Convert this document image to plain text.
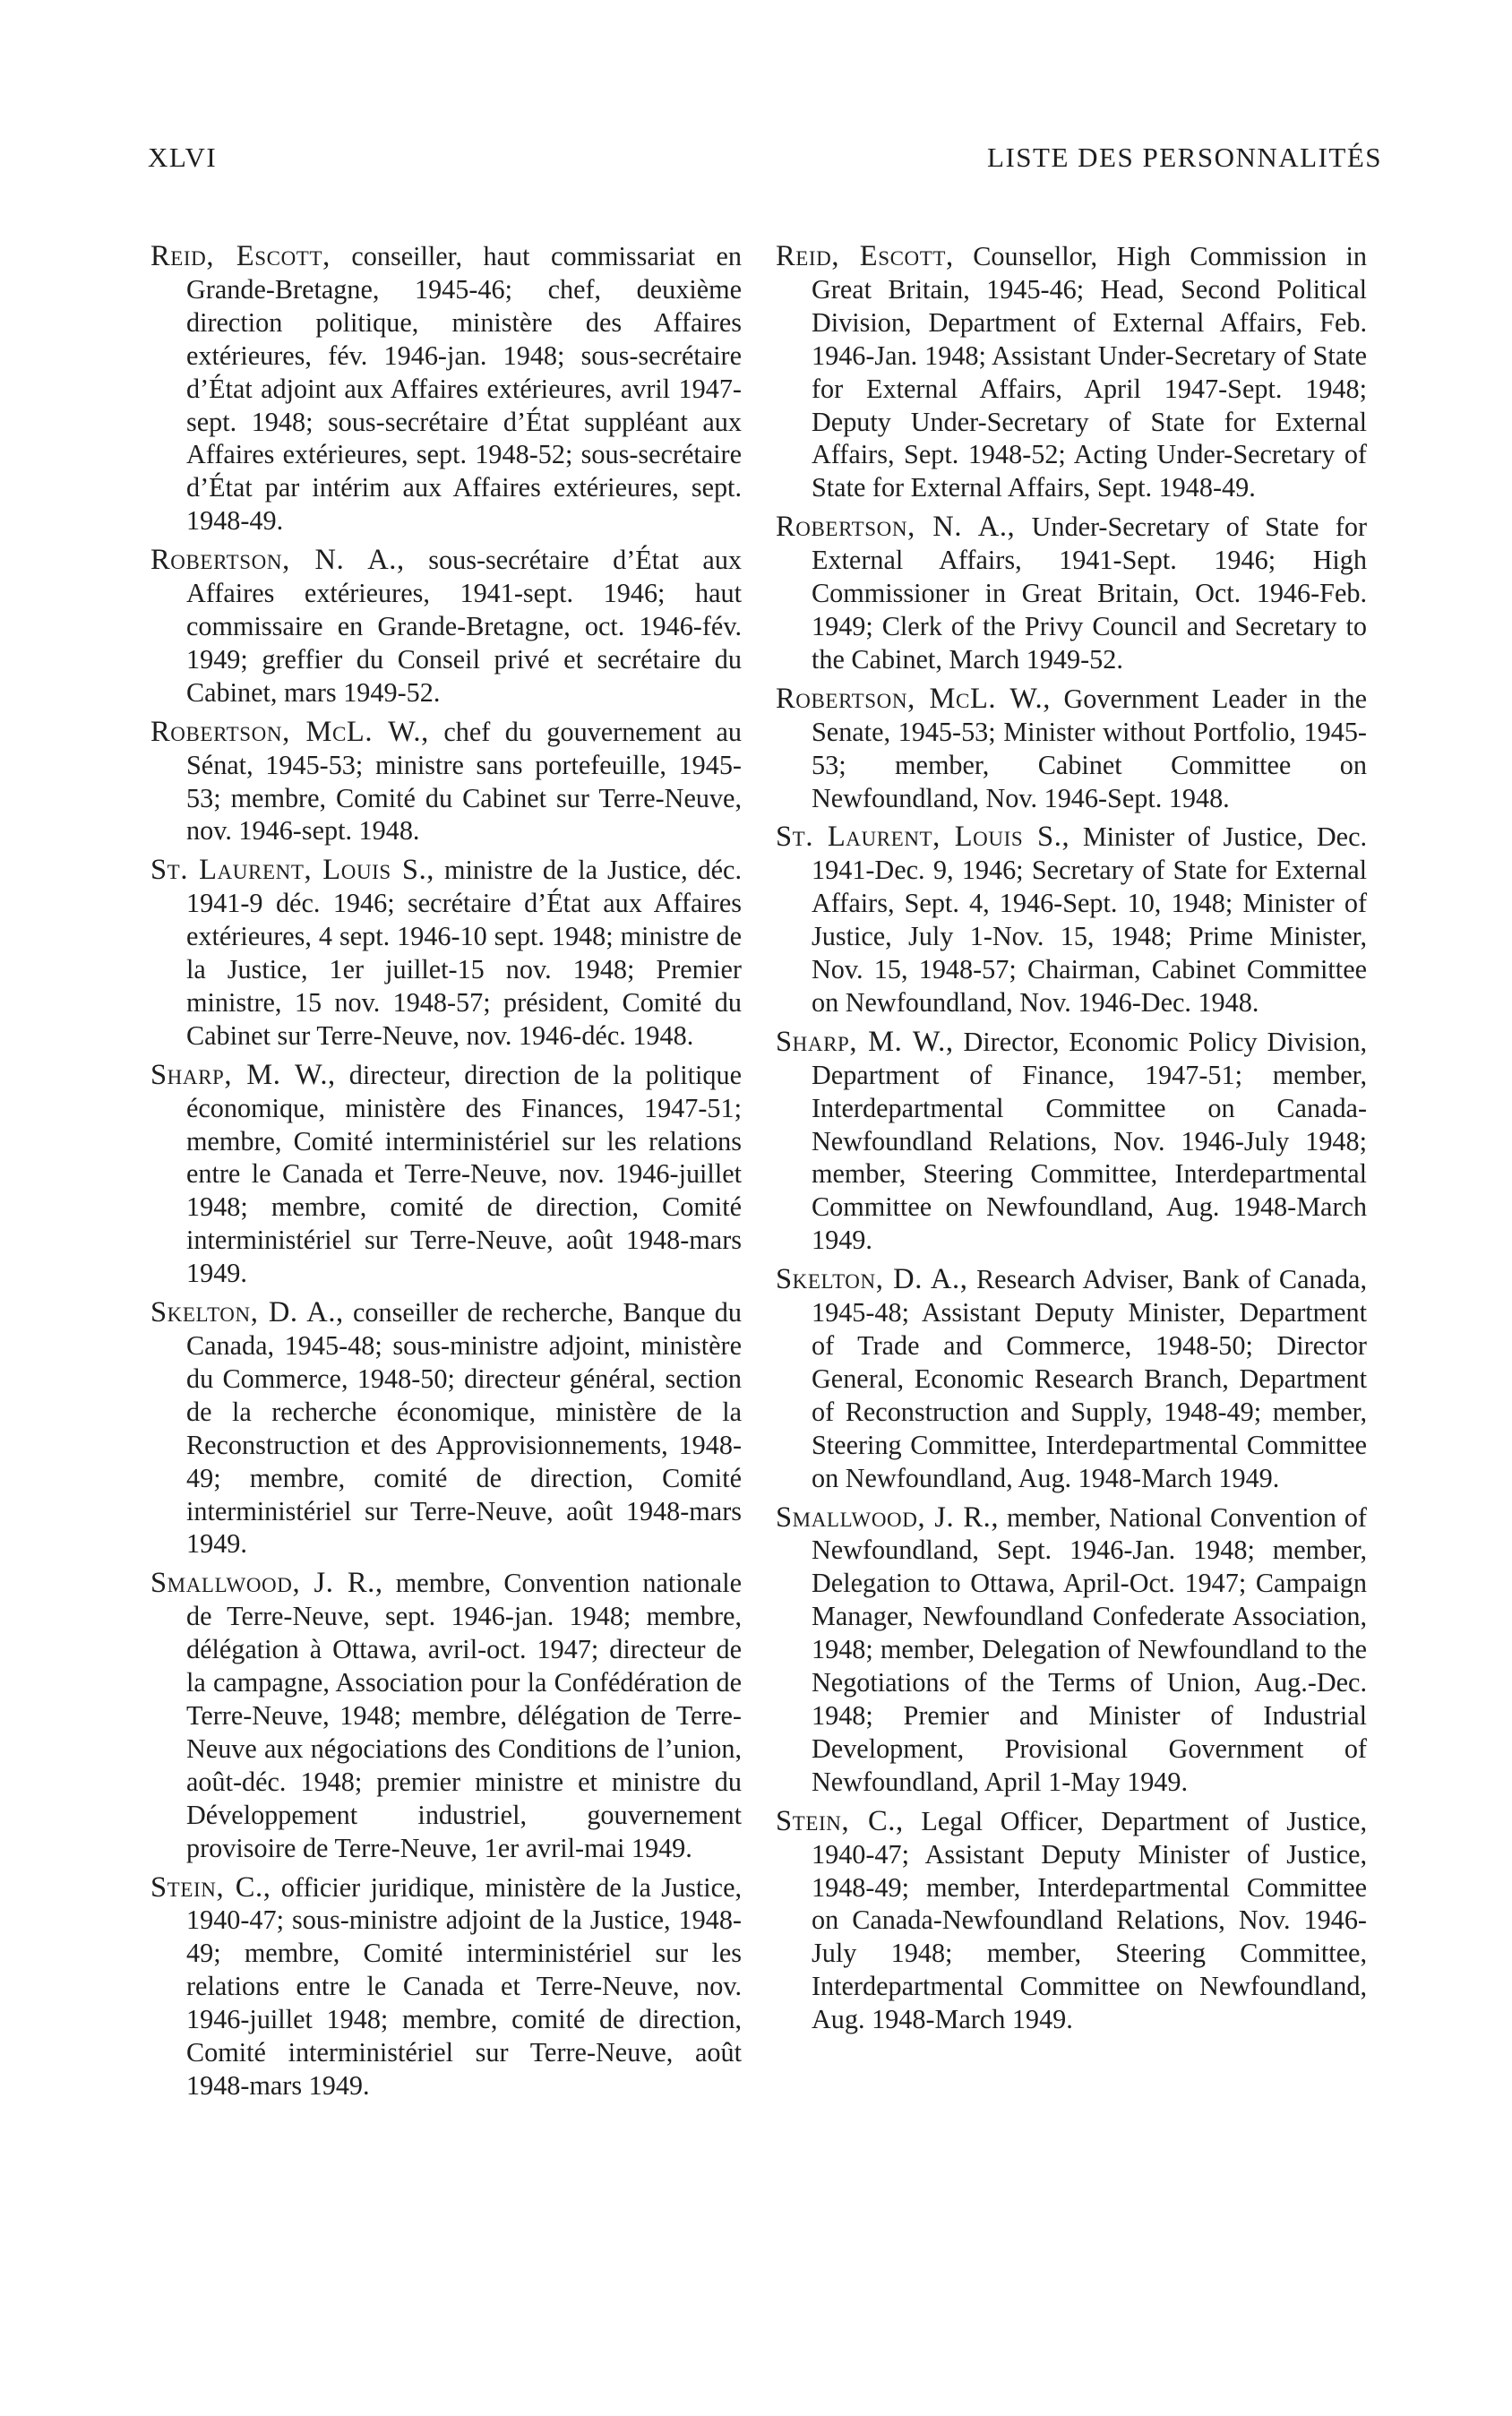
XLVI	LISTE DES PERSONNALITÉS

Reid, Escott, conseiller, haut commissariat en Grande-Bretagne, 1945-46; chef, deuxième direction politique, ministère des Affaires extérieures, fév. 1946-jan. 1948; sous-secrétaire d’État adjoint aux Affaires extérieures, avril 1947-sept. 1948; sous-secrétaire d’État suppléant aux Affaires extérieures, sept. 1948-52; sous-secrétaire d’État par intérim aux Affaires extérieures, sept. 1948-49.

Robertson, N. A., sous-secrétaire d’État aux Affaires extérieures, 1941-sept. 1946; haut commissaire en Grande-Bretagne, oct. 1946-fév. 1949; greffier du Conseil privé et secrétaire du Cabinet, mars 1949-52.

Robertson, McL. W., chef du gouvernement au Sénat, 1945-53; ministre sans portefeuille, 1945-53; membre, Comité du Cabinet sur Terre-Neuve, nov. 1946-sept. 1948.

St. Laurent, Louis S., ministre de la Justice, déc. 1941-9 déc. 1946; secrétaire d’État aux Affaires extérieures, 4 sept. 1946-10 sept. 1948; ministre de la Justice, 1er juillet-15 nov. 1948; Premier ministre, 15 nov. 1948-57; président, Comité du Cabinet sur Terre-Neuve, nov. 1946-déc. 1948.

Sharp, M. W., directeur, direction de la politique économique, ministère des Finances, 1947-51; membre, Comité interministériel sur les relations entre le Canada et Terre-Neuve, nov. 1946-juillet 1948; membre, comité de direction, Comité interministériel sur Terre-Neuve, août 1948-mars 1949.

Skelton, D. A., conseiller de recherche, Banque du Canada, 1945-48; sous-ministre adjoint, ministère du Commerce, 1948-50; directeur général, section de la recherche économique, ministère de la Reconstruction et des Approvisionnements, 1948-49; membre, comité de direction, Comité interministériel sur Terre-Neuve, août 1948-mars 1949.

Smallwood, J. R., membre, Convention nationale de Terre-Neuve, sept. 1946-jan. 1948; membre, délégation à Ottawa, avril-oct. 1947; directeur de la campagne, Association pour la Confédération de Terre-Neuve, 1948; membre, délégation de Terre-Neuve aux négociations des Conditions de l’union, août-déc. 1948; premier ministre et ministre du Développement industriel, gouvernement provisoire de Terre-Neuve, 1er avril-mai 1949.

Stein, C., officier juridique, ministère de la Justice, 1940-47; sous-ministre adjoint de la Justice, 1948-49; membre, Comité interministériel sur les relations entre le Canada et Terre-Neuve, nov. 1946-juillet 1948; membre, comité de direction, Comité interministériel sur Terre-Neuve, août 1948-mars 1949.

Reid, Escott, Counsellor, High Commission in Great Britain, 1945-46; Head, Second Political Division, Department of External Affairs, Feb. 1946-Jan. 1948; Assistant Under-Secretary of State for External Affairs, April 1947-Sept. 1948; Deputy Under-Secretary of State for External Affairs, Sept. 1948-52; Acting Under-Secretary of State for External Affairs, Sept. 1948-49.

Robertson, N. A., Under-Secretary of State for External Affairs, 1941-Sept. 1946; High Commissioner in Great Britain, Oct. 1946-Feb. 1949; Clerk of the Privy Council and Secretary to the Cabinet, March 1949-52.

Robertson, McL. W., Government Leader in the Senate, 1945-53; Minister without Portfolio, 1945-53; member, Cabinet Committee on Newfoundland, Nov. 1946-Sept. 1948.

St. Laurent, Louis S., Minister of Justice, Dec. 1941-Dec. 9, 1946; Secretary of State for External Affairs, Sept. 4, 1946-Sept. 10, 1948; Minister of Justice, July 1-Nov. 15, 1948; Prime Minister, Nov. 15, 1948-57; Chairman, Cabinet Committee on Newfoundland, Nov. 1946-Dec. 1948.

Sharp, M. W., Director, Economic Policy Division, Department of Finance, 1947-51; member, Interdepartmental Committee on Canada-Newfoundland Relations, Nov. 1946-July 1948; member, Steering Committee, Interdepartmental Committee on Newfoundland, Aug. 1948-March 1949.

Skelton, D. A., Research Adviser, Bank of Canada, 1945-48; Assistant Deputy Minister, Department of Trade and Commerce, 1948-50; Director General, Economic Research Branch, Department of Reconstruction and Supply, 1948-49; member, Steering Committee, Interdepartmental Committee on Newfoundland, Aug. 1948-March 1949.

Smallwood, J. R., member, National Convention of Newfoundland, Sept. 1946-Jan. 1948; member, Delegation to Ottawa, April-Oct. 1947; Campaign Manager, Newfoundland Confederate Association, 1948; member, Delegation of Newfoundland to the Negotiations of the Terms of Union, Aug.-Dec. 1948; Premier and Minister of Industrial Development, Provisional Government of Newfoundland, April 1-May 1949.

Stein, C., Legal Officer, Department of Justice, 1940-47; Assistant Deputy Minister of Justice, 1948-49; member, Interdepartmental Committee on Canada-Newfoundland Relations, Nov. 1946-July 1948; member, Steering Committee, Interdepartmental Committee on Newfoundland, Aug. 1948-March 1949.
